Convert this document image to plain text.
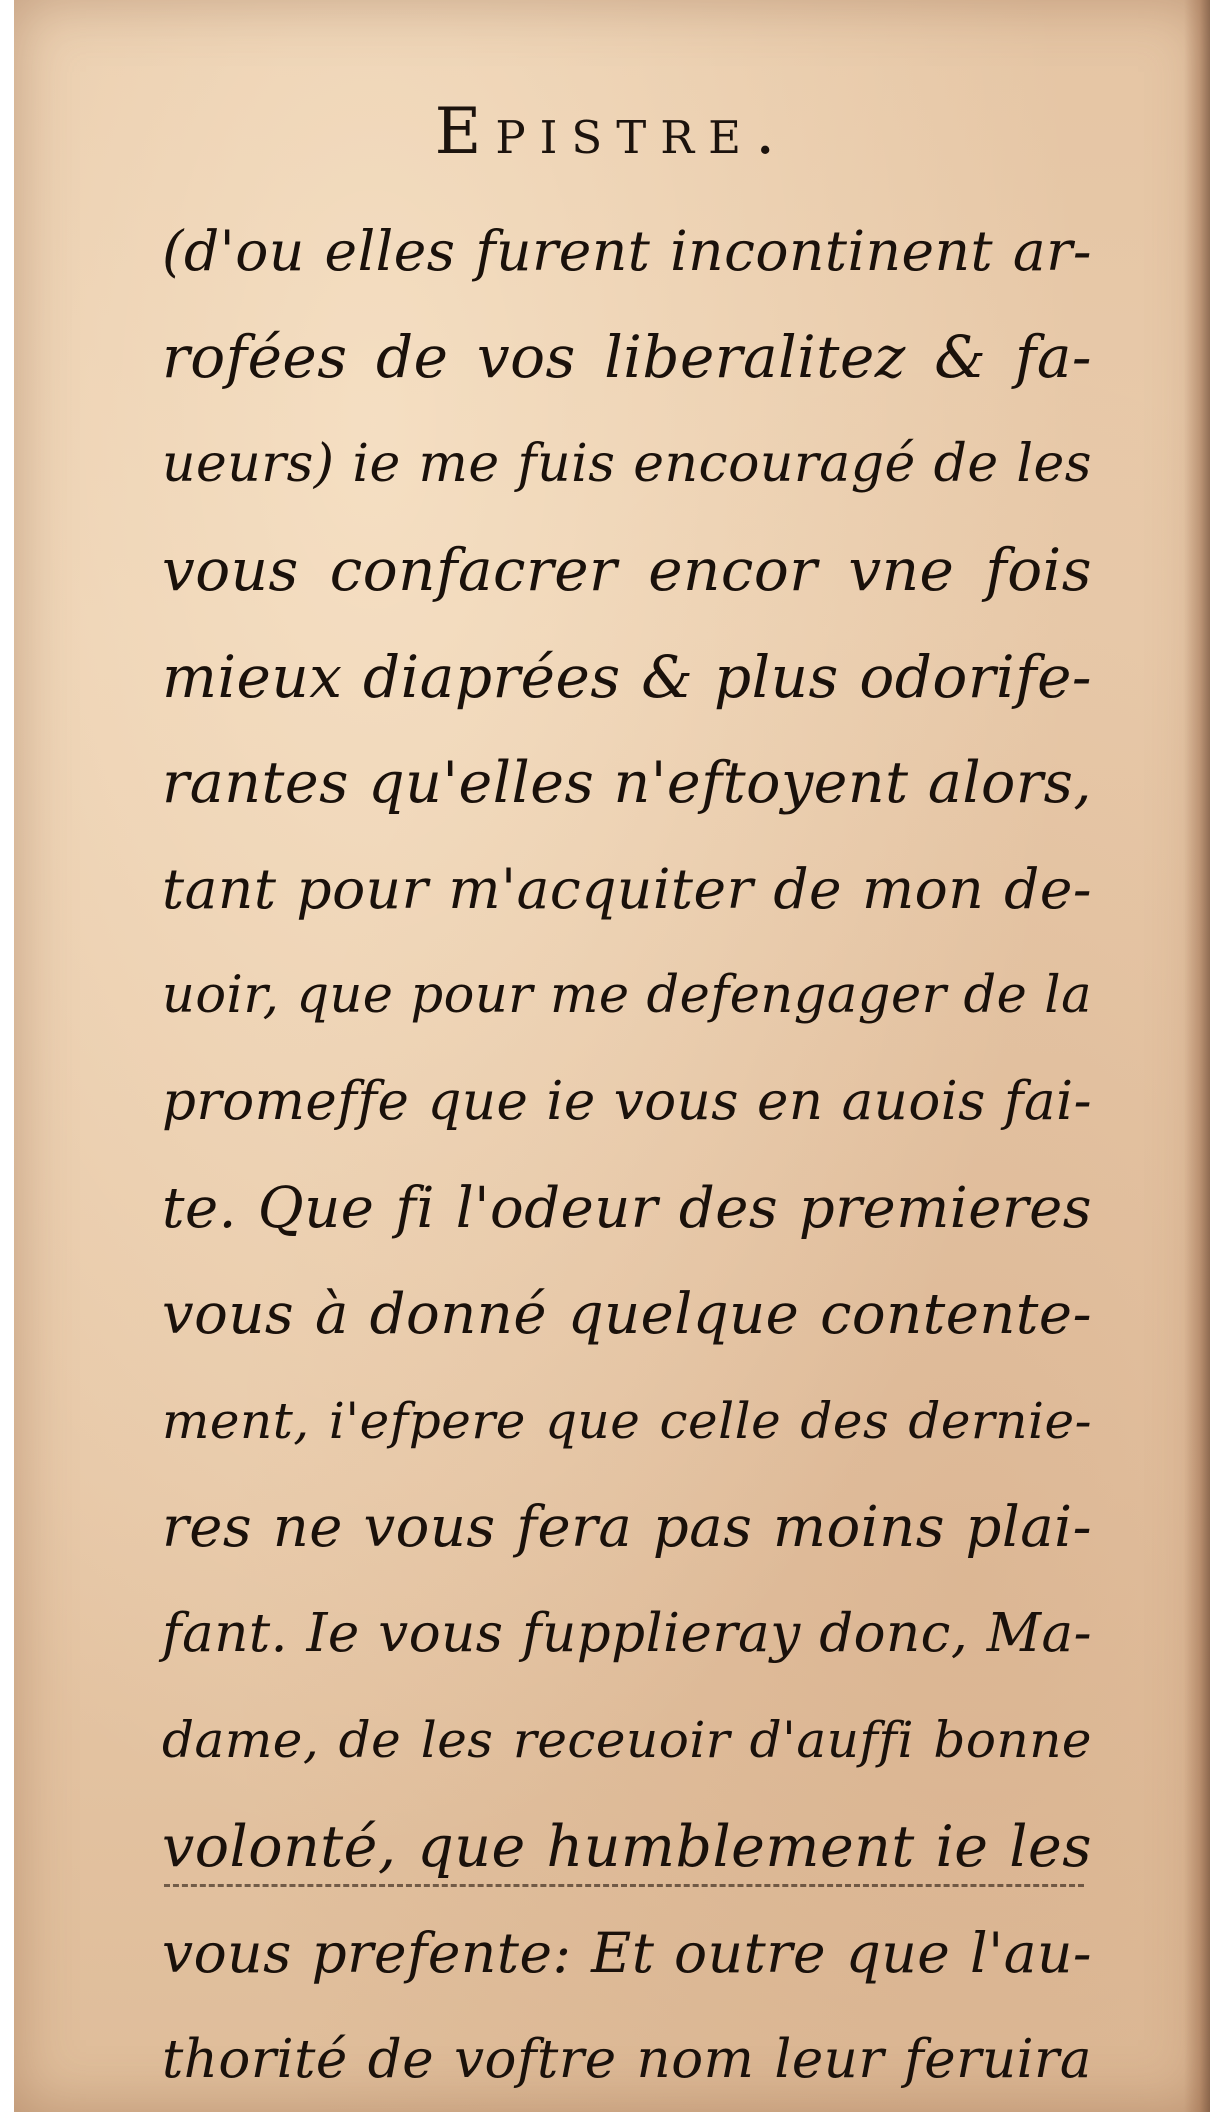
Epistre.
(d'ou elles furent incontinent ar-
rofées de vos liberalitez & fa-
ueurs) ie me fuis encouragé de les
vous confacrer encor vne fois
mieux diaprées & plus odorife-
rantes qu'elles n'eftoyent alors,
tant pour m'acquiter de mon de-
uoir, que pour me defengager de la
promeffe que ie vous en auois fai-
te. Que fi l'odeur des premieres
vous à donné quelque contente-
ment, i'efpere que celle des dernie-
res ne vous fera pas moins plai-
fant. Ie vous fupplieray donc, Ma-
dame, de les receuoir d'auffi bonne
volonté, que humblement ie les
vous prefente: Et outre que l'au-
thorité de voftre nom leur feruira
